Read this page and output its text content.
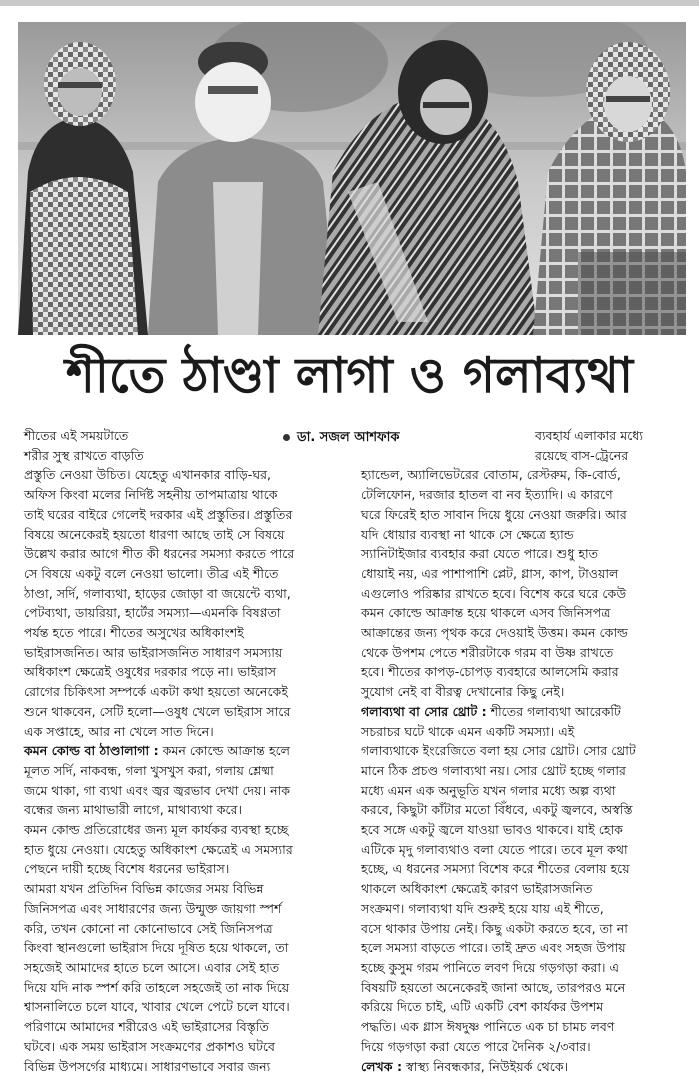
শীতে ঠাণ্ডা লাগা ও গলাব্যথা
ডা. সজল আশফাক

শীতের এই সময়টাতে

শরীর সুস্থ রাখতে বাড়তি

প্রস্তুতি নেওয়া উচিত। যেহেতু এখানকার বাড়ি-ঘর,

অফিস কিংবা মলের নির্দিষ্ট সহনীয় তাপমাত্রায় থাকে

তাই ঘরের বাইরে গেলেই দরকার এই প্রস্তুতির। প্রস্তুতির

বিষয়ে অনেকেরই হয়তো ধারণা আছে তাই সে বিষয়ে

উল্লেখ করার আগে শীত কী ধরনের সমস্যা করতে পারে

সে বিষয়ে একটু বলে নেওয়া ভালো। তীব্র এই শীতে

ঠাণ্ডা, সর্দি, গলাব্যথা, হাড়ের জোড়া বা জয়েন্টে ব্যথা,

পেটব্যথা, ডায়রিয়া, হার্টের সমস্যা—এমনকি বিষণ্ণতা

পর্যন্ত হতে পারে। শীতের অসুখের অধিকাংশই

ভাইরাসজনিত। আর ভাইরাসজনিত সাধারণ সমস্যায়

অধিকাংশ ক্ষেত্রেই ওষুধের দরকার পড়ে না। ভাইরাস

রোগের চিকিৎসা সম্পর্কে একটা কথা হয়তো অনেকেই

শুনে থাকবেন, সেটি হলো—ওষুধ খেলে ভাইরাস সারে

এক সপ্তাহে, আর না খেলে সাত দিনে।

কমন কোল্ড বা ঠাণ্ডালাগা : কমন কোল্ডে আক্রান্ত হলে

মূলত সর্দি, নাকবন্ধ, গলা খুসখুস করা, গলায় শ্লেষ্মা

জমে থাকা, গা ব্যথা এবং জ্বর জ্বরভাব দেখা দেয়। নাক

বন্ধের জন্য মাথাভারী লাগে, মাথাব্যথা করে।

কমন কোল্ড প্রতিরোধের জন্য মূল কার্যকর ব্যবস্থা হচ্ছে

হাত ধুয়ে নেওয়া। যেহেতু অধিকাংশ ক্ষেত্রেই এ সমস্যার

পেছনে দায়ী হচ্ছে বিশেষ ধরনের ভাইরাস।

আমরা যখন প্রতিদিন বিভিন্ন কাজের সময় বিভিন্ন

জিনিসপত্র এবং সাধারণের জন্য উন্মুক্ত জায়গা স্পর্শ

করি, তখন কোনো না কোনোভাবে সেই জিনিসপত্র

কিংবা স্থানগুলো ভাইরাস দিয়ে দূষিত হয়ে থাকলে, তা

সহজেই আমাদের হাতে চলে আসে। এবার সেই হাত

দিয়ে যদি নাক স্পর্শ করি তাহলে সহজেই তা নাক দিয়ে

শ্বাসনালিতে চলে যাবে, খাবার খেলে পেটে চলে যাবে।

পরিণামে আমাদের শরীরেও এই ভাইরাসের বিস্তৃতি

ঘটবে। এক সময় ভাইরাস সংক্রমণের প্রকাশও ঘটবে

বিভিন্ন উপসর্গের মাধ্যমে। সাধারণভাবে সবার জন্য

ব্যবহার্য এলাকার মধ্যে

রয়েছে বাস-ট্রেনের

হ্যান্ডেল, অ্যালিভেটরের বোতাম, রেস্টরুম, কি-বোর্ড,

টেলিফোন, দরজার হাতল বা নব ইত্যাদি। এ কারণে

ঘরে ফিরেই হাত সাবান দিয়ে ধুয়ে নেওয়া জরুরি। আর

যদি ধোয়ার ব্যবস্থা না থাকে সে ক্ষেত্রে হ্যান্ড

স্যানিটাইজার ব্যবহার করা যেতে পারে। শুধু হাত

ধোয়াই নয়, এর পাশাপাশি প্লেট, গ্লাস, কাপ, টাওয়াল

এগুলোও পরিষ্কার রাখতে হবে। বিশেষ করে ঘরে কেউ

কমন কোল্ডে আক্রান্ত হয়ে থাকলে এসব জিনিসপত্র

আক্রান্তের জন্য পৃথক করে দেওয়াই উত্তম। কমন কোল্ড

থেকে উপশম পেতে শরীরটাকে গরম বা উষ্ণ রাখতে

হবে। শীতের কাপড়-চোপড় ব্যবহারে আলসেমি করার

সুযোগ নেই বা বীরত্ব দেখানোর কিছু নেই।

গলাব্যথা বা সোর থ্রোট : শীতের গলাব্যথা আরেকটি

সচরাচর ঘটে থাকে এমন একটি সমস্যা। এই

গলাব্যথাকে ইংরেজিতে বলা হয় সোর থ্রোট। সোর থ্রোট

মানে ঠিক প্রচণ্ড গলাব্যথা নয়। সোর থ্রোট হচ্ছে গলার

মধ্যে এমন এক অনুভূতি যখন গলার মধ্যে অল্প ব্যথা

করবে, কিছুটা কাঁটার মতো বিঁধবে, একটু জ্বলবে, অস্বস্তি

হবে সঙ্গে একটু জ্বলে যাওয়া ভাবও থাকবে। যাই হোক

এটিকে মৃদু গলাব্যথাও বলা যেতে পারে। তবে মূল কথা

হচ্ছে, এ ধরনের সমস্যা বিশেষ করে শীতের বেলায় হয়ে

থাকলে অধিকাংশ ক্ষেত্রেই কারণ ভাইরাসজনিত

সংক্রমণ। গলাব্যথা যদি শুরুই হয়ে যায় এই শীতে,

বসে থাকার উপায় নেই। কিছু একটা করতে হবে, তা না

হলে সমস্যা বাড়তে পারে। তাই দ্রুত এবং সহজ উপায়

হচ্ছে কুসুম গরম পানিতে লবণ দিয়ে গড়গড়া করা। এ

বিষয়টি হয়তো অনেকেরই জানা আছে, তারপরও মনে

করিয়ে দিতে চাই, এটি একটি বেশ কার্যকর উপশম

পদ্ধতি। এক গ্লাস ঈষদুষ্ণ পানিতে এক চা চামচ লবণ

দিয়ে গড়গড়া করা যেতে পারে দৈনিক ২/৩বার।

লেখক : স্বাস্থ্য নিবন্ধকার, নিউইয়র্ক থেকে।
